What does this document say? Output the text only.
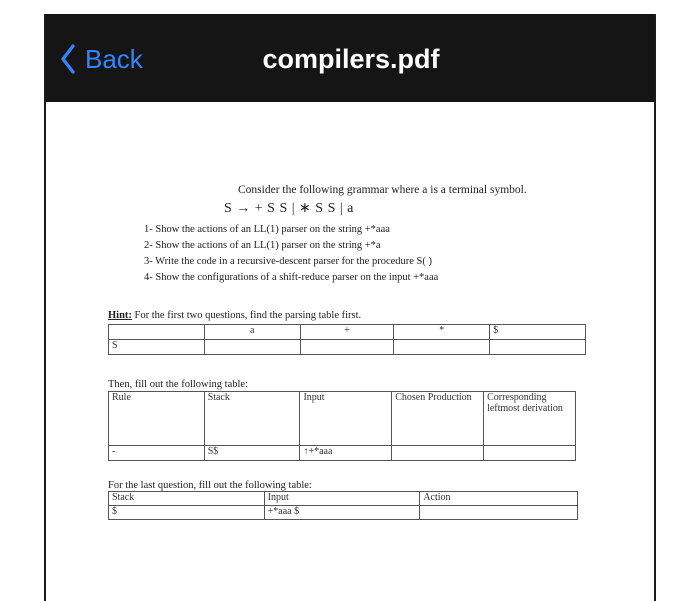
Back	compilers.pdf
Consider the following grammar where a is a terminal symbol.
S → + S S | ∗ S S | a
1- Show the actions of an LL(1) parser on the string +*aaa
2- Show the actions of an LL(1) parser on the string +*a
3- Write the code in a recursive-descent parser for the procedure S( )
4- Show the configurations of a shift-reduce parser on the input +*aaa
Hint: For the first two questions, find the parsing table first.
	a	+	*	$
S				
Then, fill out the following table:
Rule	Stack	Input	Chosen Production	Corresponding leftmost derivation
-	S$	↑+*aaa		
For the last question, fill out the following table:
Stack	Input	Action
$	+*aaa $	
